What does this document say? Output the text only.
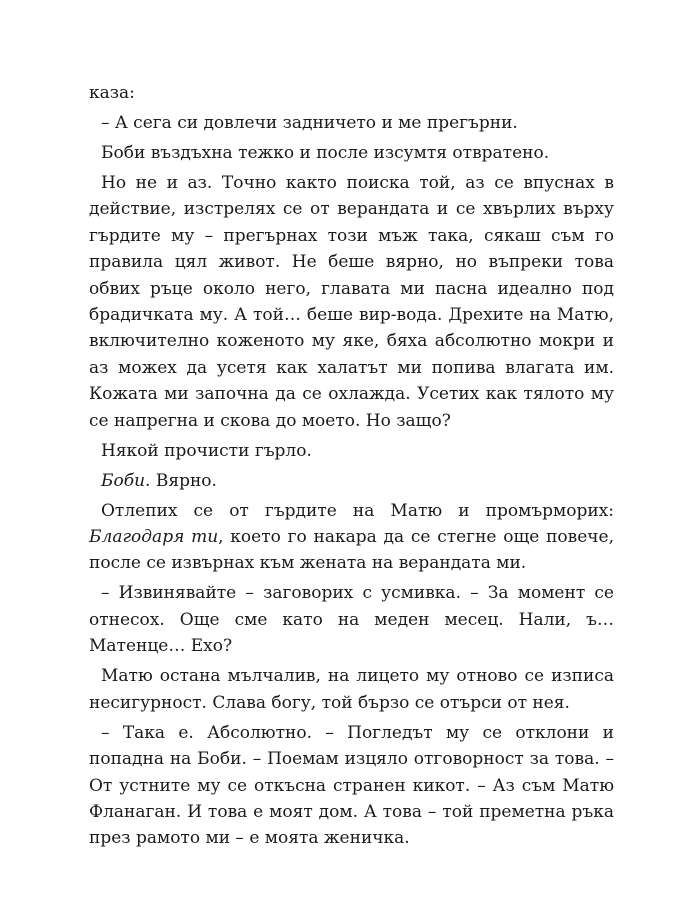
каза:

– А сега си довлечи задничето и ме прегърни.

Боби въздъхна тежко и после изсумтя отвратено.

Но не и аз. Точно както поиска той, аз се впуснах в действие, изстрелях се от верандата и се хвърлих върху гърдите му – прегърнах този мъж така, сякаш съм го правила цял живот. Не беше вярно, но въпреки това обвих ръце около него, главата ми пасна идеално под брадичката му. А той… беше вир-вода. Дрехите на Матю, включително коженото му яке, бяха абсолютно мокри и аз можех да усетя как халатът ми попива влагата им. Кожата ми започна да се охлажда. Усетих как тялото му се напрегна и скова до моето. Но защо?

Някой прочисти гърло.

Боби. Вярно.

Отлепих се от гърдите на Матю и промърморих: Благодаря ти, което го накара да се стегне още повече, после се извърнах към жената на верандата ми.

– Извинявайте – заговорих с усмивка. – За момент се отнесох. Още сме като на меден месец. Нали, ъ… Матенце… Ехо?

Матю остана мълчалив, на лицето му отново се изписа несигурност. Слава богу, той бързо се отърси от нея.

– Така е. Абсолютно. – Погледът му се отклони и попадна на Боби. – Поемам изцяло отговорност за това. – От устните му се откъсна странен кикот. – Аз съм Матю Фланаган. И това е моят дом. А това – той преметна ръка през рамото ми – е моята женичка.
